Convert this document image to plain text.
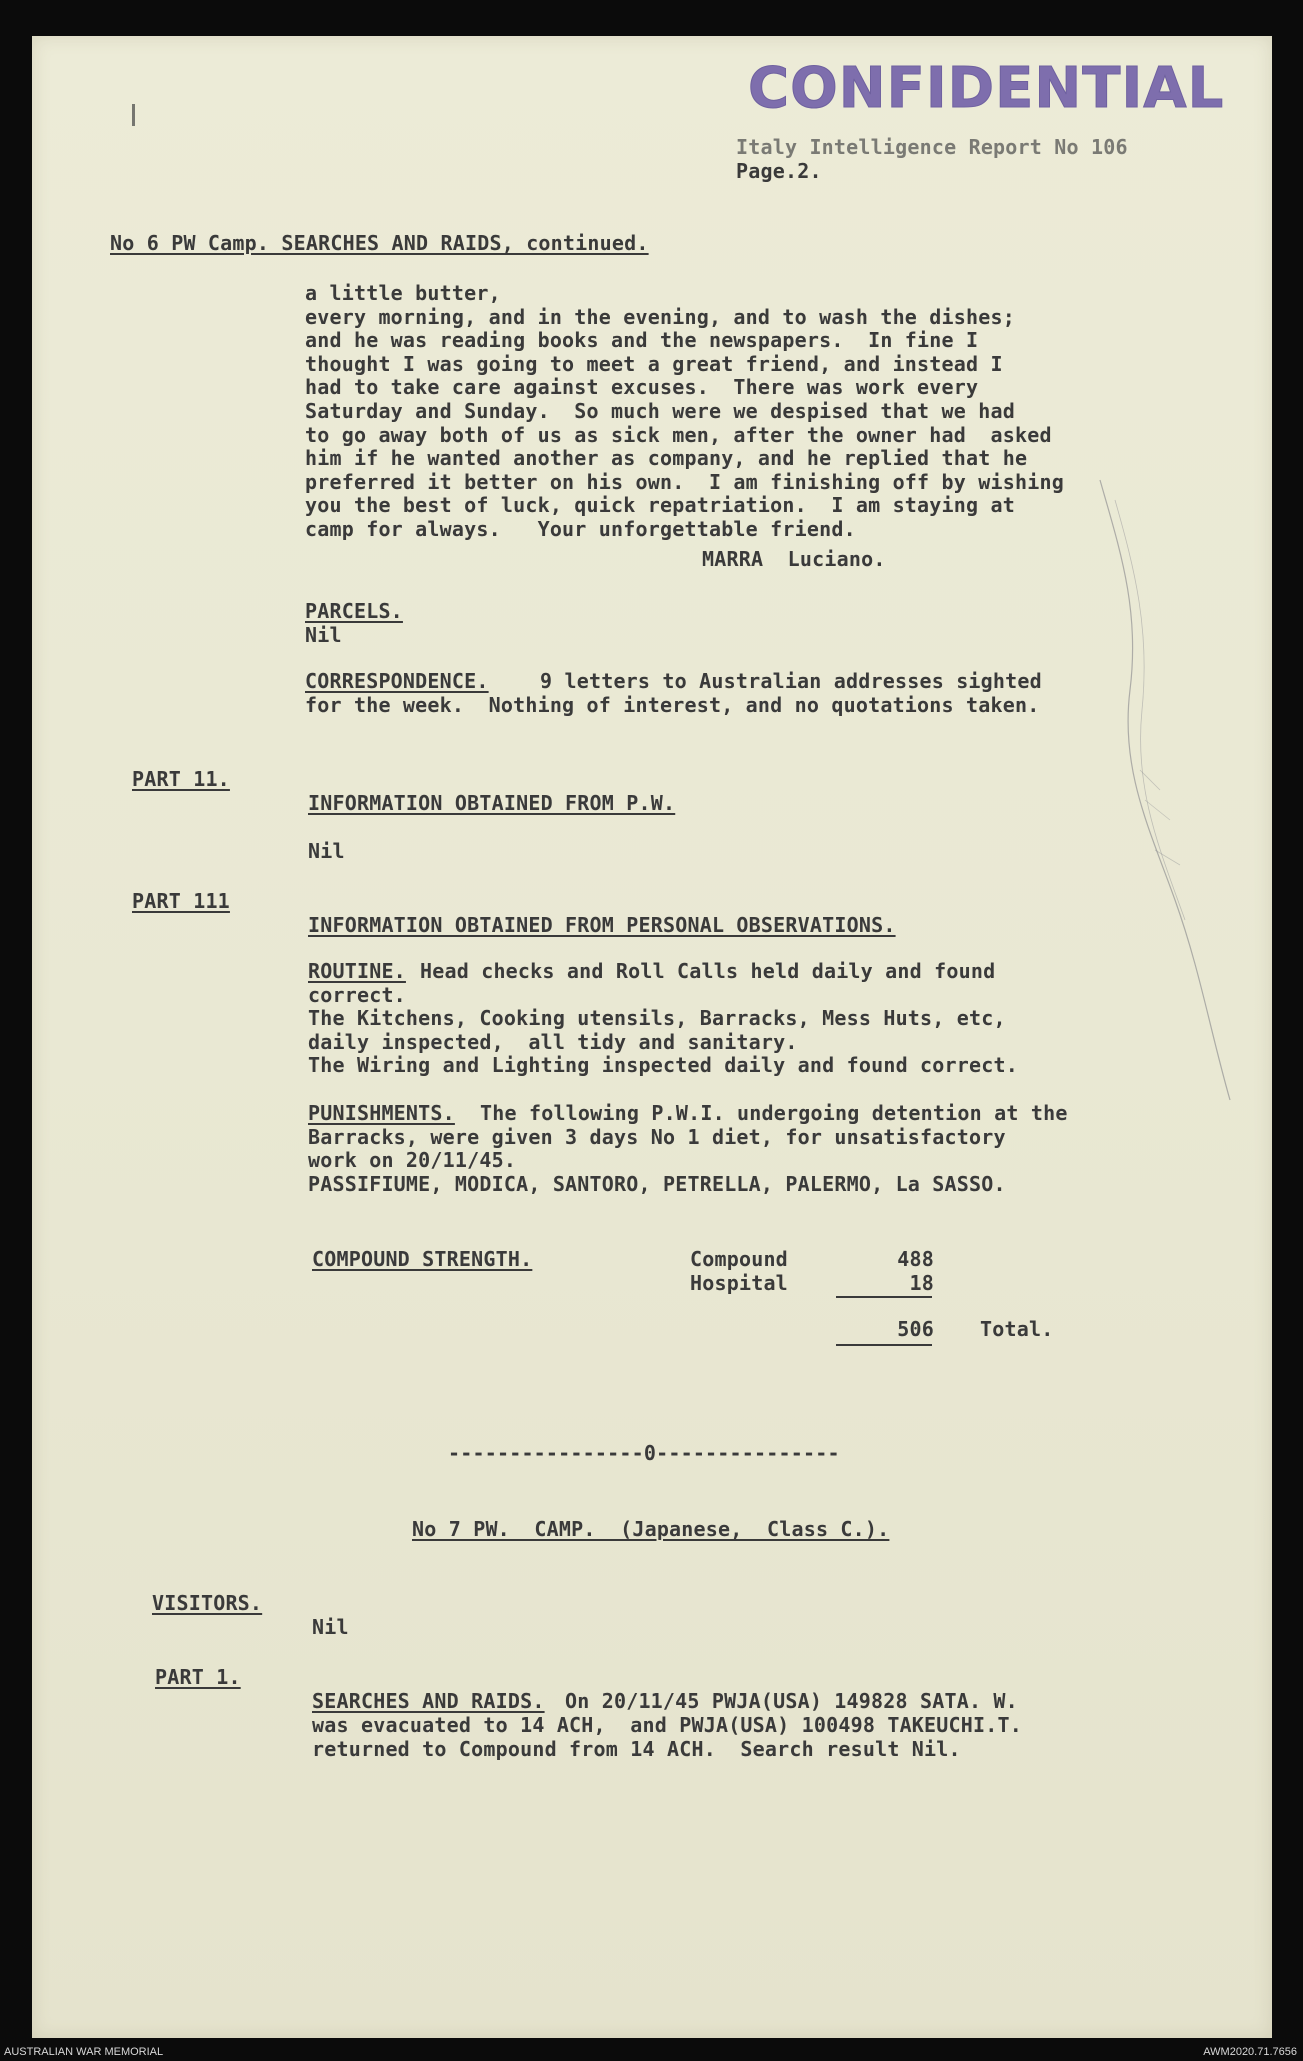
CONFIDENTIAL
Italy Intelligence Report No 106
Page.2.
No 6 PW Camp. SEARCHES AND RAIDS, continued.
a little butter,
every morning, and in the evening, and to wash the dishes;
and he was reading books and the newspapers.  In fine I
thought I was going to meet a great friend, and instead I
had to take care against excuses.  There was work every
Saturday and Sunday.  So much were we despised that we had
to go away both of us as sick men, after the owner had  asked
him if he wanted another as company, and he replied that he
preferred it better on his own.  I am finishing off by wishing
you the best of luck, quick repatriation.  I am staying at
camp for always.   Your unforgettable friend.
MARRA  Luciano.
PARCELS.
Nil
CORRESPONDENCE.	9 letters to Australian addresses sighted
for the week.  Nothing of interest, and no quotations taken.
PART 11.
INFORMATION OBTAINED FROM P.W.
Nil
PART 111
INFORMATION OBTAINED FROM PERSONAL OBSERVATIONS.
ROUTINE. Head checks and Roll Calls held daily and found
correct.
The Kitchens, Cooking utensils, Barracks, Mess Huts, etc,
daily inspected,  all tidy and sanitary.
The Wiring and Lighting inspected daily and found correct.
PUNISHMENTS. The following P.W.I. undergoing detention at the
Barracks, were given 3 days No 1 diet, for unsatisfactory
work on 20/11/45.
PASSIFIUME, MODICA, SANTORO, PETRELLA, PALERMO, La SASSO.
COMPOUND STRENGTH.	Compound	488
Hospital	18
506 Total.
----------------0---------------
No 7 PW.  CAMP.  (Japanese,  Class C.).
VISITORS.
Nil
PART 1.
SEARCHES AND RAIDS. On 20/11/45 PWJA(USA) 149828 SATA. W.
was evacuated to 14 ACH,  and PWJA(USA) 100498 TAKEUCHI.T.
returned to Compound from 14 ACH.  Search result Nil.
AUSTRALIAN WAR MEMORIAL	AWM2020.71.7656
